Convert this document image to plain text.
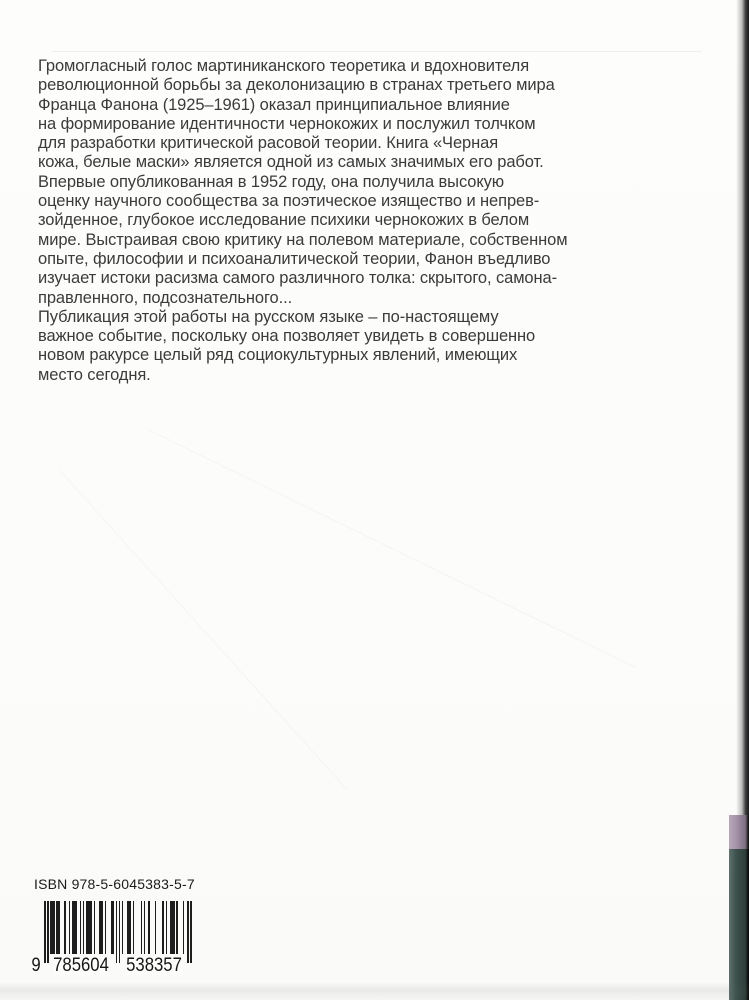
Громогласный голос мартиниканского теоретика и вдохновителя
революционной борьбы за деколонизацию в странах третьего мира
Франца Фанона (1925–1961) оказал принципиальное влияние
на формирование идентичности чернокожих и послужил толчком
для разработки критической расовой теории. Книга «Черная
кожа, белые маски» является одной из самых значимых его работ.
Впервые опубликованная в 1952 году, она получила высокую
оценку научного сообщества за поэтическое изящество и непрев-
зойденное, глубокое исследование психики чернокожих в белом
мире. Выстраивая свою критику на полевом материале, собственном
опыте, философии и психоаналитической теории, Фанон въедливо
изучает истоки расизма самого различного толка: скрытого, самона-
правленного, подсознательного...
Публикация этой работы на русском языке – по-настоящему
важное событие, поскольку она позволяет увидеть в совершенно
новом ракурсе целый ряд социокультурных явлений, имеющих
место сегодня.
ISBN 978-5-6045383-5-7
9 785604 538357
